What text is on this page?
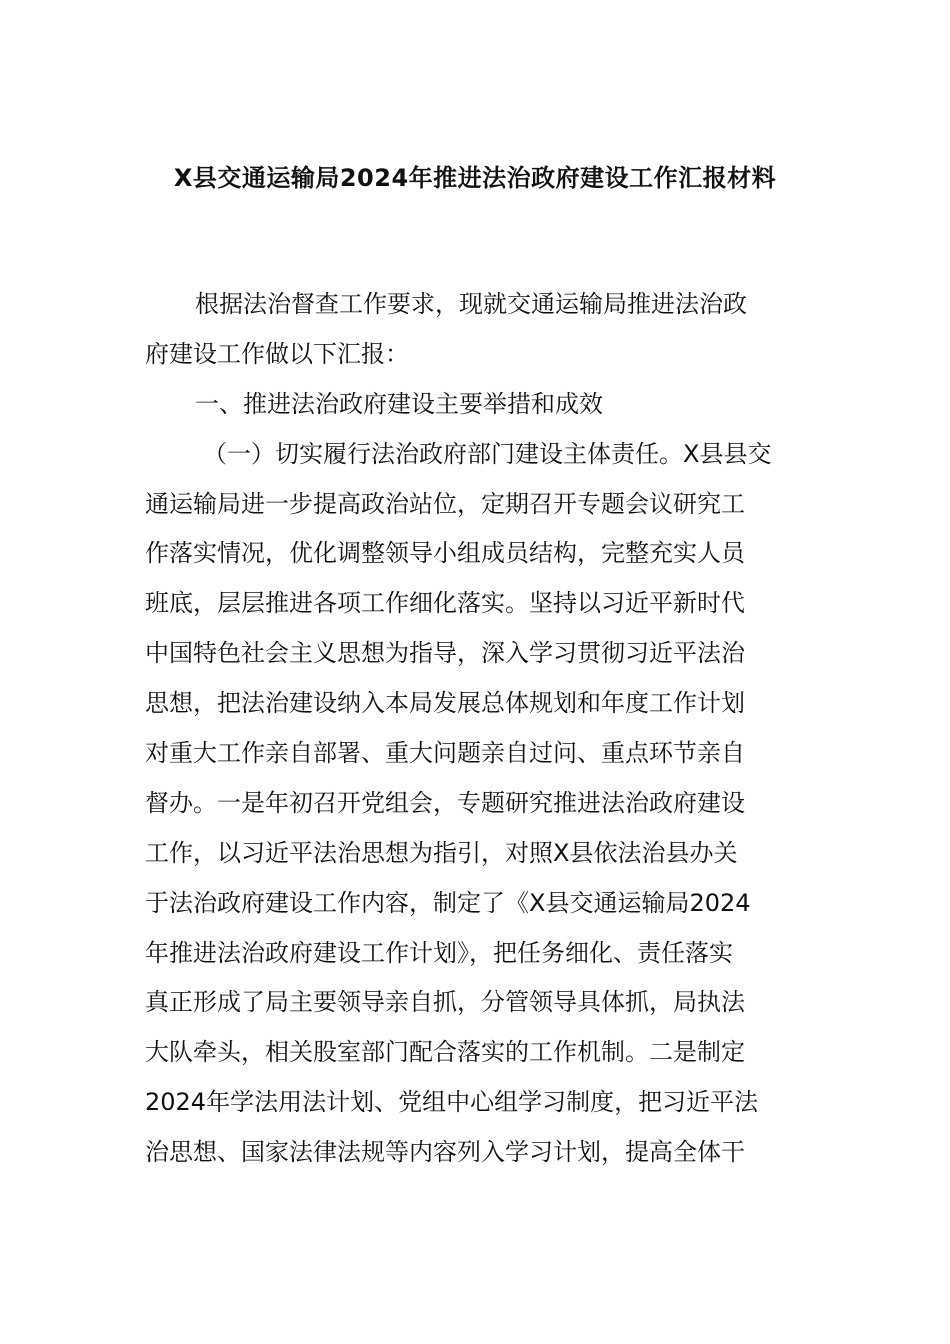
X县交通运输局2024年推进法治政府建设工作汇报材料
根据法治督查工作要求，现就交通运输局推进法治政
府建设工作做以下汇报：
一、推进法治政府建设主要举措和成效
（一）切实履行法治政府部门建设主体责任。X县县交
通运输局进一步提高政治站位，定期召开专题会议研究工
作落实情况，优化调整领导小组成员结构，完整充实人员
班底，层层推进各项工作细化落实。坚持以习近平新时代
中国特色社会主义思想为指导，深入学习贯彻习近平法治
思想，把法治建设纳入本局发展总体规划和年度工作计划
对重大工作亲自部署、重大问题亲自过问、重点环节亲自
督办。一是年初召开党组会，专题研究推进法治政府建设
工作，以习近平法治思想为指引，对照X县依法治县办关
于法治政府建设工作内容，制定了《X县交通运输局2024
年推进法治政府建设工作计划》，把任务细化、责任落实
真正形成了局主要领导亲自抓，分管领导具体抓，局执法
大队牵头，相关股室部门配合落实的工作机制。二是制定
2024年学法用法计划、党组中心组学习制度，把习近平法
治思想、国家法律法规等内容列入学习计划，提高全体干
